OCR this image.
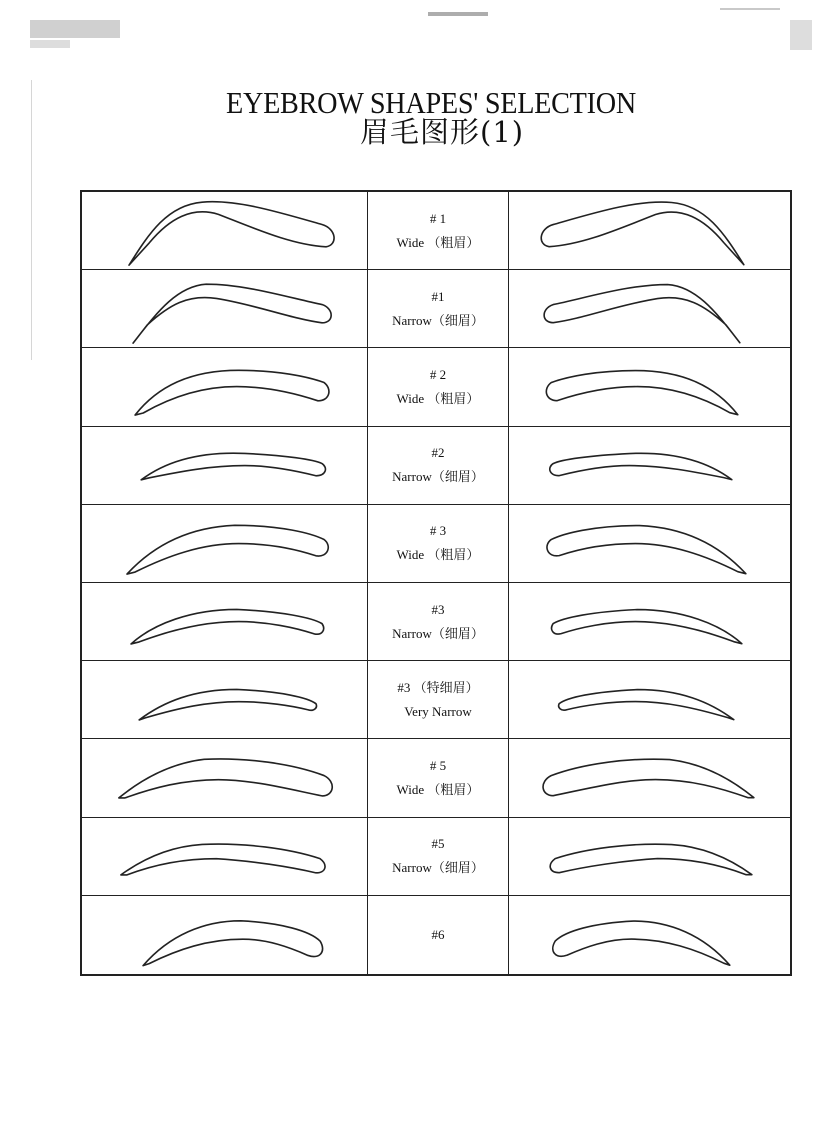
EYEBROW SHAPES' SELECTION
眉毛图形(1)
# 1
Wide （粗眉）
#1
Narrow（细眉）
# 2
Wide （粗眉）
#2
Narrow（细眉）
# 3
Wide （粗眉）
#3
Narrow（细眉）
#3 （特细眉）
Very Narrow
# 5
Wide （粗眉）
#5
Narrow（细眉）
#6
